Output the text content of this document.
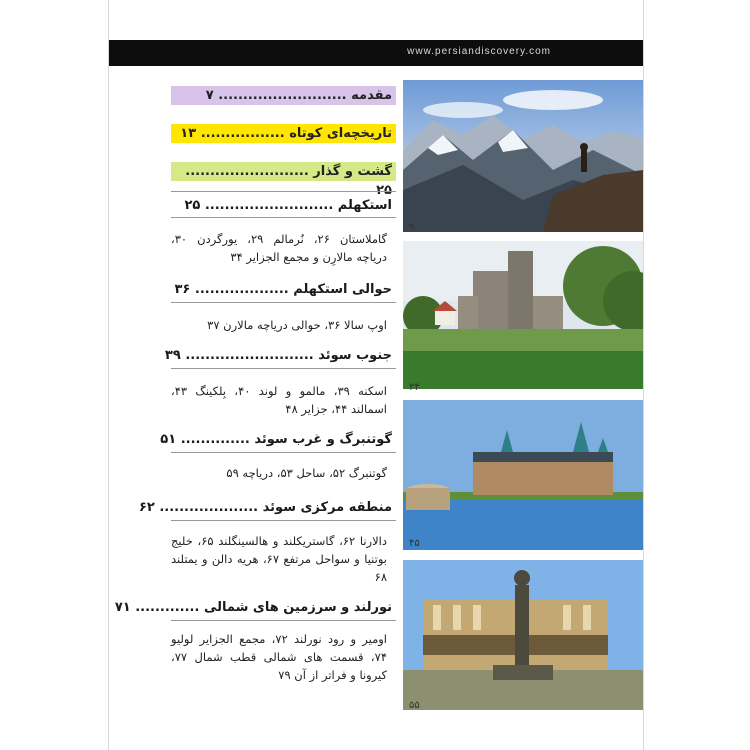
www.persiandiscovery.com
مقدمه .......................... ۷
تاریخچه‌ای کوتاه ................. ۱۳
گشت و گذار ......................... ۲۵
استکهلم .......................... ۲۵
گاملاستان ۲۶، نُرمالم ۲۹، یورگردن ۳۰، دریاچه مالارِن و مجمع الجزایر ۳۴
حوالی استکهلم ................... ۳۶
اوپ سالا ۳۶، حوالی دریاچه مالارن ۳۷
جنوب سوئد .......................... ۳۹
اسکنه ۳۹، مالمو و لوند ۴۰، بِلکینگ ۴۳، اسمالند ۴۴، جزایر ۴۸
گوتنبرگ و غرب سوئد .............. ۵۱
گوتنبرگ ۵۲، ساحل ۵۳، دریاچه ۵۹
منطقه مرکزی سوئد .................... ۶۲
دالارنا ۶۲، گاستریکلند و هالسینگلند ۶۵، خلیج بوتنیا و سواحل مرتفع ۶۷، هریه دالن و یمتلند ۶۸
نورلند و سرزمین های شمالی ............. ۷۱
اومیر و رود نورلند ۷۲، مجمع الجزایر لولیو ۷۴، قسمت های شمالی قطب شمال ۷۷، کیرونا و فراتر از آن ۷۹
۹
۳۴
۴۵
۵۵
